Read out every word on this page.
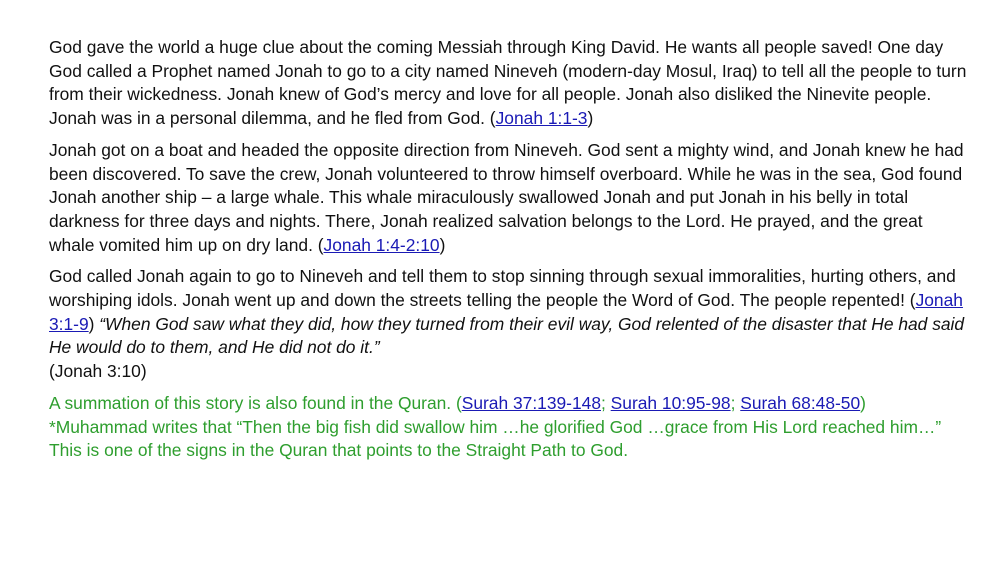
God gave the world a huge clue about the coming Messiah through King David. He wants all people saved! One day God called a Prophet named Jonah to go to a city named Nineveh (modern-day Mosul, Iraq) to tell all the people to turn from their wickedness. Jonah knew of God’s mercy and love for all people. Jonah also disliked the Ninevite people. Jonah was in a personal dilemma, and he fled from God. (Jonah 1:1-3)

Jonah got on a boat and headed the opposite direction from Nineveh. God sent a mighty wind, and Jonah knew he had been discovered. To save the crew, Jonah volunteered to throw himself overboard. While he was in the sea, God found Jonah another ship – a large whale. This whale miraculously swallowed Jonah and put Jonah in his belly in total darkness for three days and nights. There, Jonah realized salvation belongs to the Lord. He prayed, and the great whale vomited him up on dry land. (Jonah 1:4-2:10)

God called Jonah again to go to Nineveh and tell them to stop sinning through sexual immoralities, hurting others, and worshiping idols. Jonah went up and down the streets telling the people the Word of God. The people repented! (Jonah 3:1-9) “When God saw what they did, how they turned from their evil way, God relented of the disaster that He had said He would do to them, and He did not do it.”
(Jonah 3:10)

A summation of this story is also found in the Quran. (Surah 37:139-148; Surah 10:95-98; Surah 68:48-50)
*Muhammad writes that “Then the big fish did swallow him …he glorified God …grace from His Lord reached him…”   This is one of the signs in the Quran that points to the Straight Path to God.
